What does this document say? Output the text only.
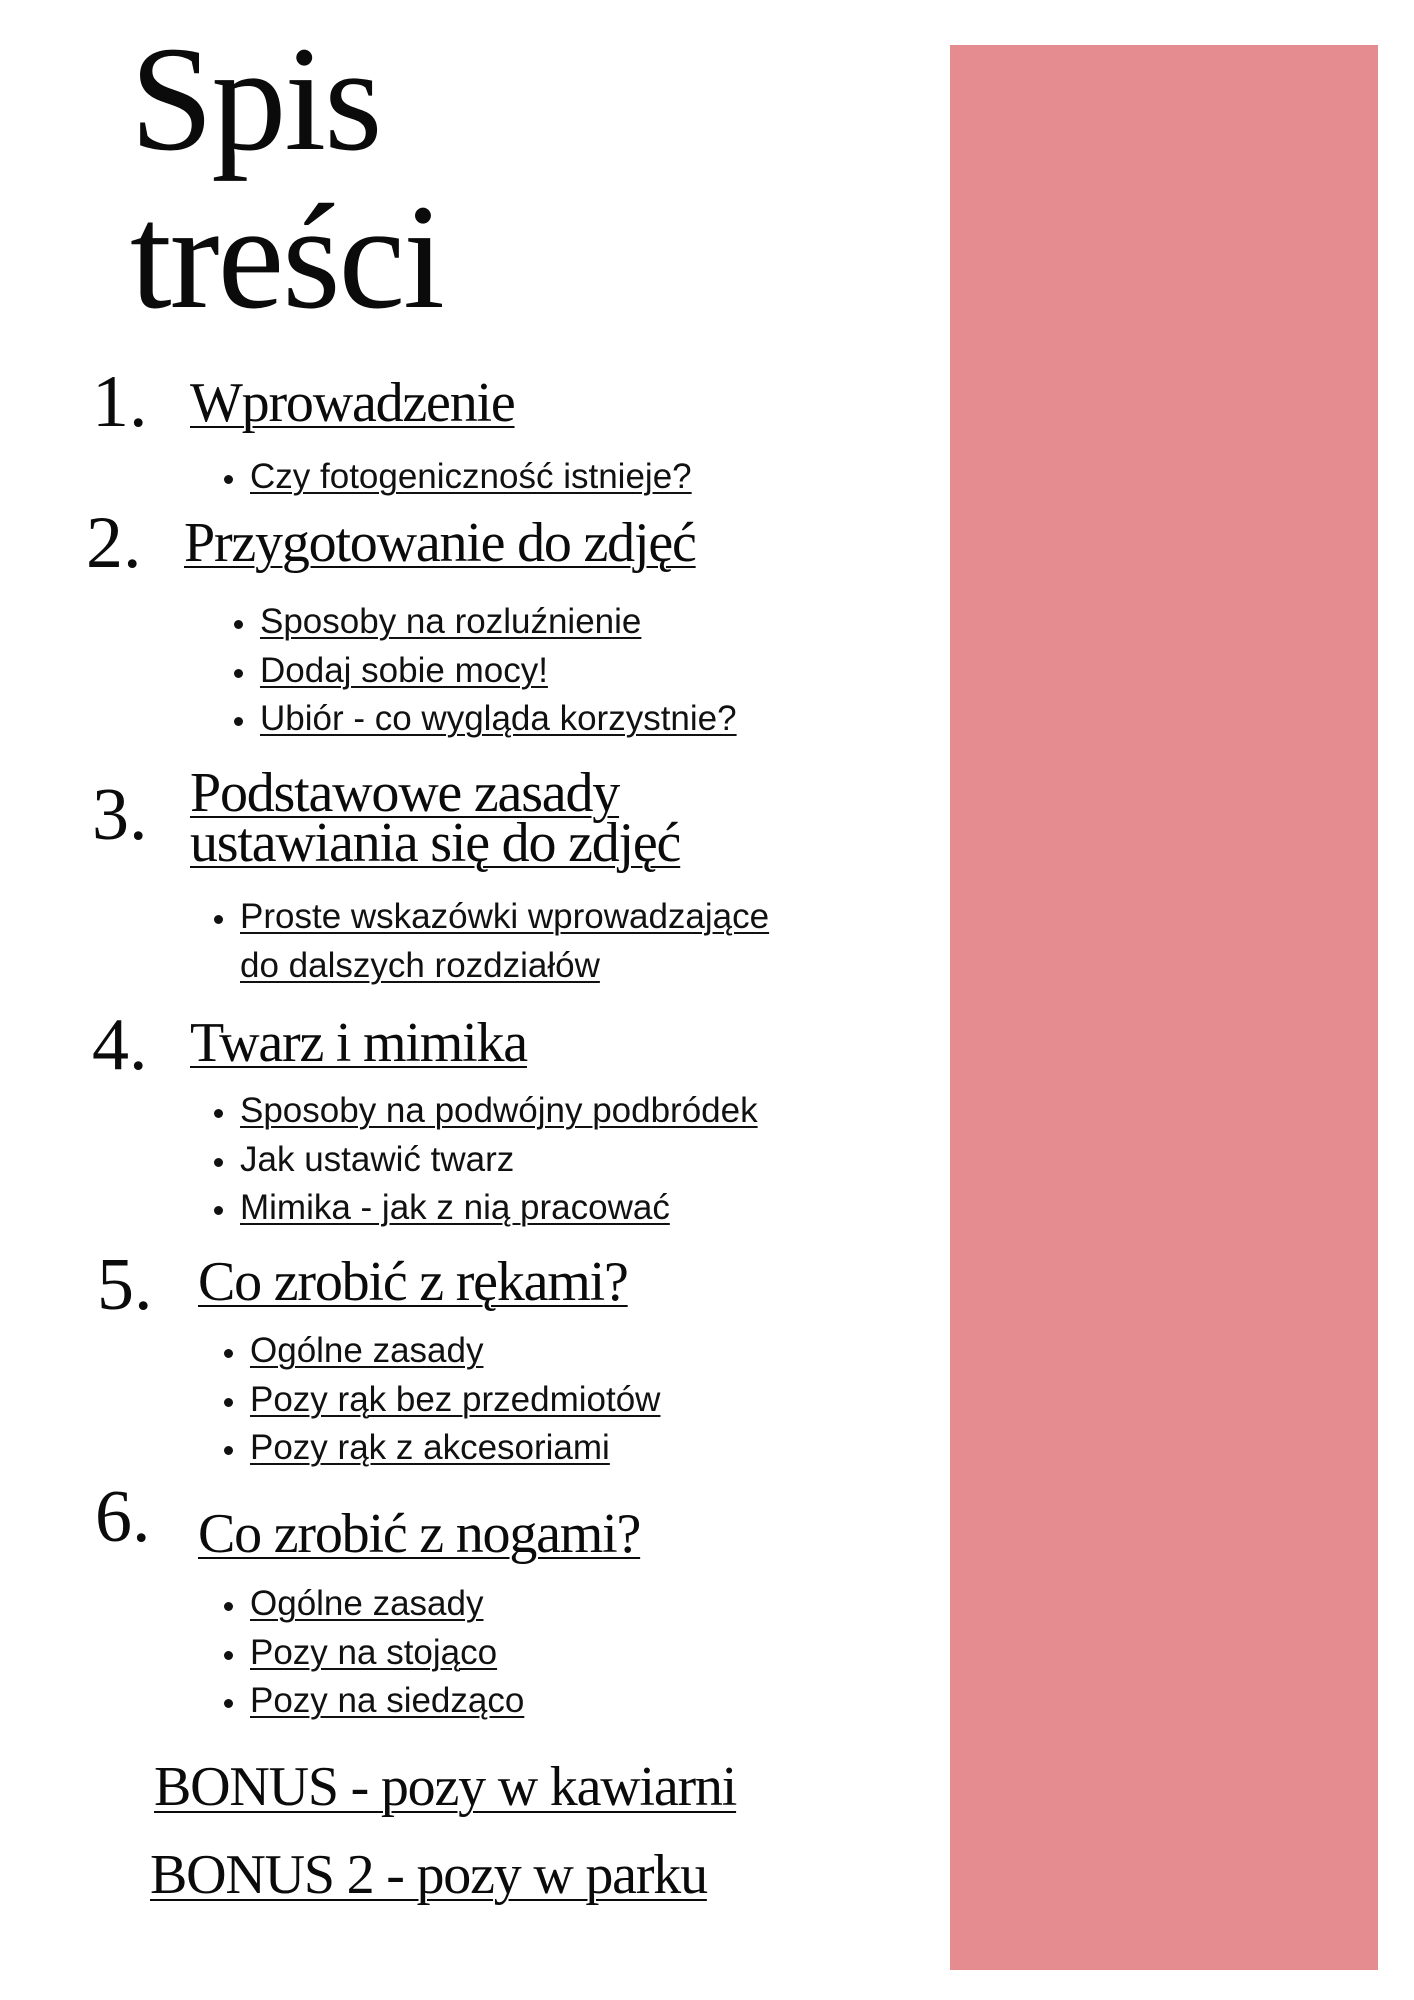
Spis
treści
1. Wprowadzenie
• Czy fotogeniczność istnieje?
2. Przygotowanie do zdjęć
• Sposoby na rozluźnienie
• Dodaj sobie mocy!
• Ubiór - co wygląda korzystnie?
3. Podstawowe zasady
ustawiania się do zdjęć
• Proste wskazówki wprowadzające
do dalszych rozdziałów
4. Twarz i mimika
• Sposoby na podwójny podbródek
• Jak ustawić twarz
• Mimika - jak z nią pracować
5. Co zrobić z rękami?
• Ogólne zasady
• Pozy rąk bez przedmiotów
• Pozy rąk z akcesoriami
6. Co zrobić z nogami?
• Ogólne zasady
• Pozy na stojąco
• Pozy na siedząco
BONUS - pozy w kawiarni
BONUS 2 - pozy w parku
